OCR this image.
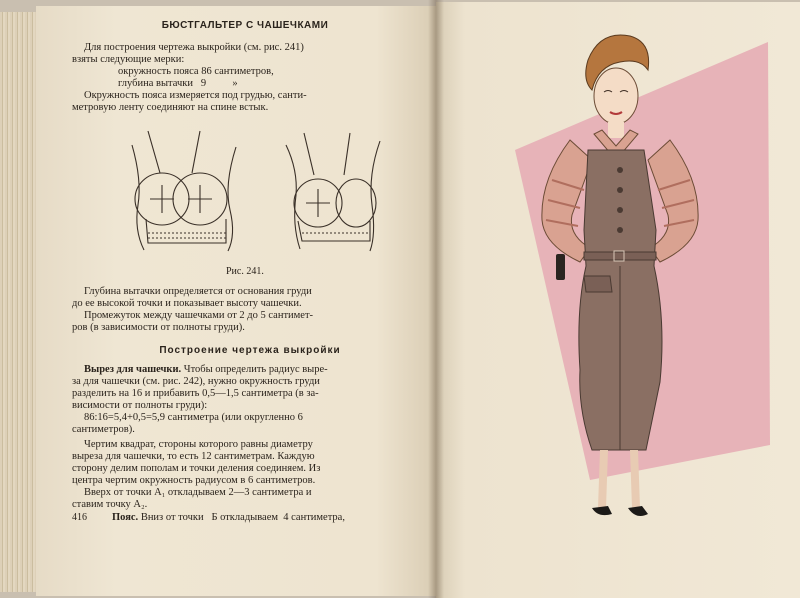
БЮСТГАЛЬТЕР С ЧАШЕЧКАМИ
Для построения чертежа выкройки (см. рис. 241)
взяты следующие мерки:
окружность пояса 86 сантиметров,
глубина вытачки   9          »
Окружность пояса измеряется под грудью, санти-
метровую ленту соединяют на спине встык.
Рис. 241.
Глубина вытачки определяется от основания груди
до ее высокой точки и показывает высоту чашечки.
Промежуток между чашечками от 2 до 5 сантимет-
ров (в зависимости от полноты груди).
Построение чертежа выкройки
Вырез для чашечки. Чтобы определить радиус выре-
за для чашечки (см. рис. 242), нужно окружность груди
разделить на 16 и прибавить 0,5—1,5 сантиметра (в за-
висимости от полноты груди):
86:16=5,4+0,5=5,9 сантиметра (или округленно 6
сантиметров).
Чертим квадрат, стороны которого равны диаметру
выреза для чашечки, то есть 12 сантиметрам. Каждую
сторону делим пополам и точки деления соединяем. Из
центра чертим окружность радиусом в 6 сантиметров.
Вверх от точки А₁ откладываем 2—3 сантиметра и
ставим точку А₂.
Пояс. Вниз от точки   Б откладываем  4 сантиметра,
416
